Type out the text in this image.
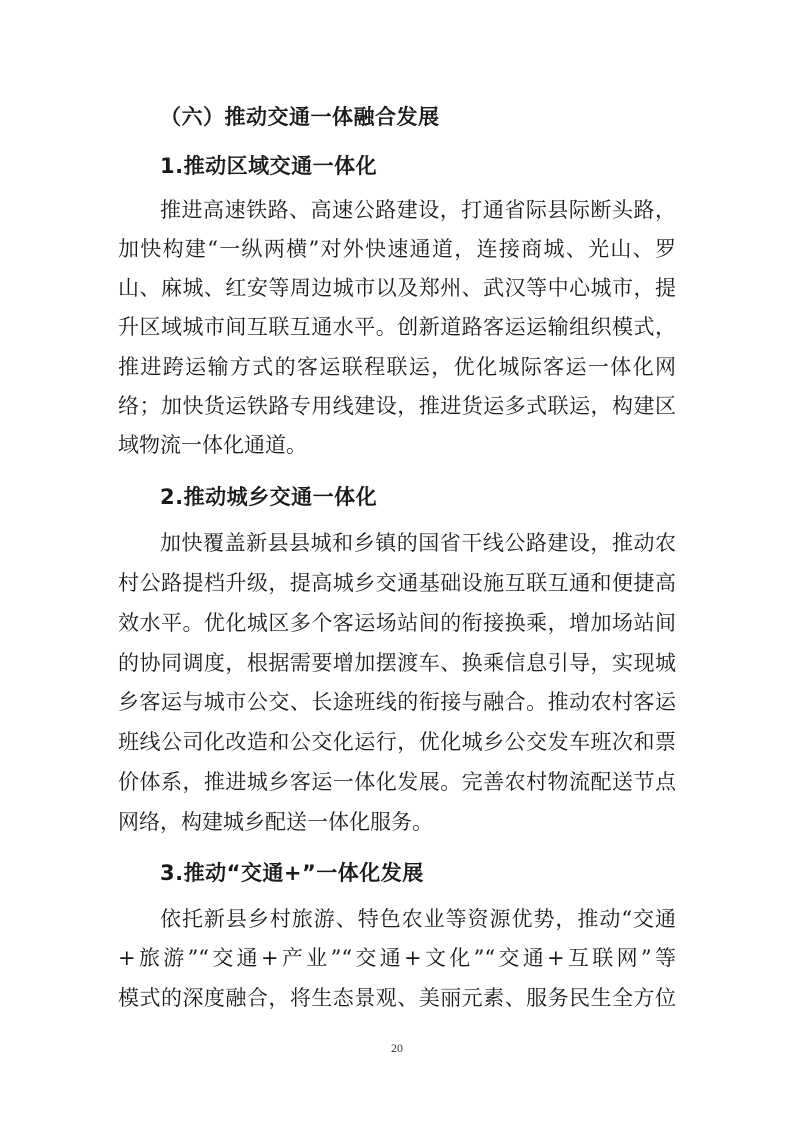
（六）推动交通一体融合发展
1.推动区域交通一体化
推进高速铁路、高速公路建设，打通省际县际断头路，
加快构建“一纵两横”对外快速通道，连接商城、光山、罗
山、麻城、红安等周边城市以及郑州、武汉等中心城市，提
升区域城市间互联互通水平。创新道路客运运输组织模式，
推进跨运输方式的客运联程联运，优化城际客运一体化网
络；加快货运铁路专用线建设，推进货运多式联运，构建区
域物流一体化通道。
2.推动城乡交通一体化
加快覆盖新县县城和乡镇的国省干线公路建设，推动农
村公路提档升级，提高城乡交通基础设施互联互通和便捷高
效水平。优化城区多个客运场站间的衔接换乘，增加场站间
的协同调度，根据需要增加摆渡车、换乘信息引导，实现城
乡客运与城市公交、长途班线的衔接与融合。推动农村客运
班线公司化改造和公交化运行，优化城乡公交发车班次和票
价体系，推进城乡客运一体化发展。完善农村物流配送节点
网络，构建城乡配送一体化服务。
3.推动“交通+”一体化发展
依托新县乡村旅游、特色农业等资源优势，推动“交通
+旅游”“交通+产业”“交通+文化”“交通+互联网”等
模式的深度融合，将生态景观、美丽元素、服务民生全方位
20
